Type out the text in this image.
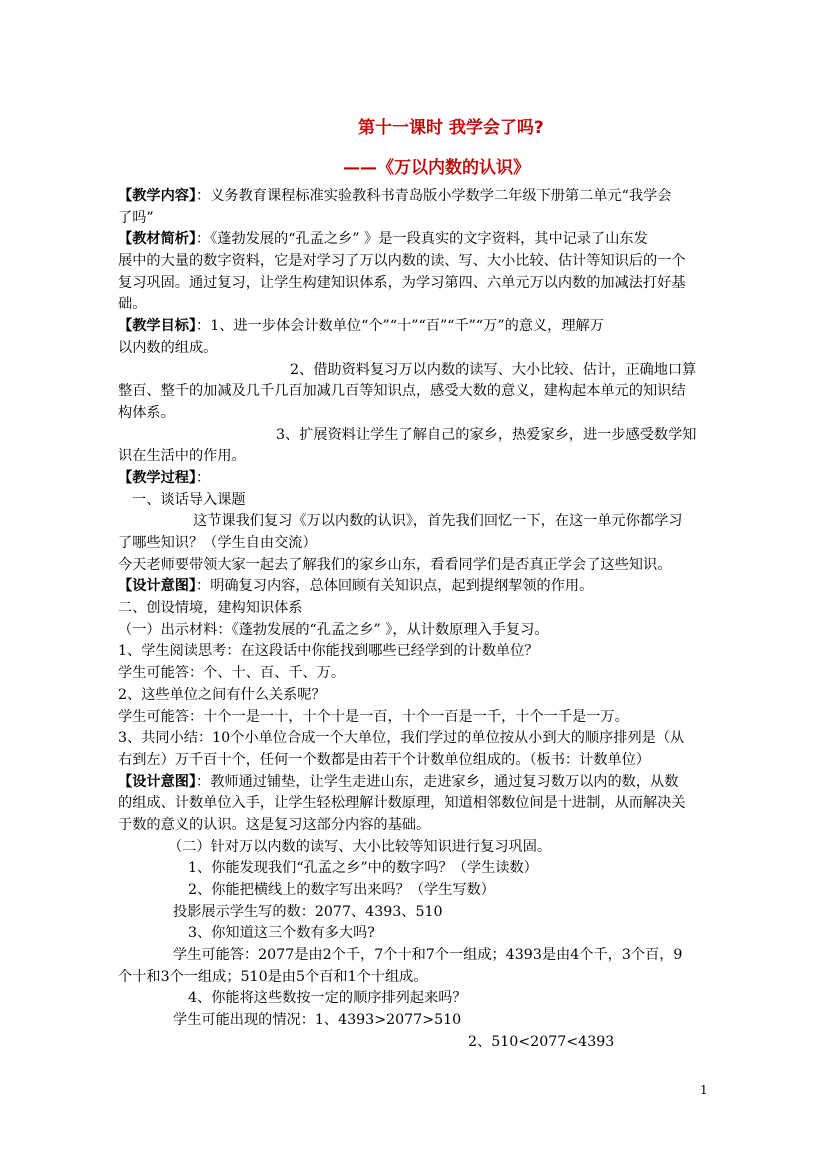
第十一课时 我学会了吗?
——《万以内数的认识》
【教学内容】：义务教育课程标准实验教科书青岛版小学数学二年级下册第二单元“我学会
了吗”
【教材简析】：《蓬勃发展的“孔孟之乡” 》是一段真实的文字资料，其中记录了山东发
展中的大量的数字资料，它是对学习了万以内数的读、写、大小比较、估计等知识后的一个
复习巩固。通过复习，让学生构建知识体系，为学习第四、六单元万以内数的加减法打好基
础。
【教学目标】：1、进一步体会计数单位“个”“十”“百”“千”“万”的意义，理解万
以内数的组成。
2、借助资料复习万以内数的读写、大小比较、估计，正确地口算
整百、整千的加减及几千几百加减几百等知识点，感受大数的意义，建构起本单元的知识结
构体系。
3、扩展资料让学生了解自己的家乡，热爱家乡，进一步感受数学知
识在生活中的作用。
【教学过程】：
一、谈话导入课题
这节课我们复习《万以内数的认识》，首先我们回忆一下，在这一单元你都学习
了哪些知识？（学生自由交流）
今天老师要带领大家一起去了解我们的家乡山东，看看同学们是否真正学会了这些知识。
【设计意图】：明确复习内容，总体回顾有关知识点，起到提纲挈领的作用。
二、创设情境，建构知识体系
（一）出示材料：《蓬勃发展的“孔孟之乡” 》，从计数原理入手复习。
1、学生阅读思考：在这段话中你能找到哪些已经学到的计数单位？
学生可能答：个、十、百、千、万。
2、这些单位之间有什么关系呢？
学生可能答：十个一是一十，十个十是一百，十个一百是一千，十个一千是一万。
3、共同小结：10个小单位合成一个大单位，我们学过的单位按从小到大的顺序排列是（从
右到左）万千百十个，任何一个数都是由若干个计数单位组成的。（板书：计数单位）
【设计意图】：教师通过铺垫，让学生走进山东，走进家乡，通过复习数万以内的数，从数
的组成、计数单位入手，让学生轻松理解计数原理，知道相邻数位间是十进制，从而解决关
于数的意义的认识。这是复习这部分内容的基础。
（二）针对万以内数的读写、大小比较等知识进行复习巩固。
1、你能发现我们“孔孟之乡”中的数字吗？（学生读数）
2、你能把横线上的数字写出来吗？（学生写数）
投影展示学生写的数：2077、4393、510
3、你知道这三个数有多大吗?
学生可能答：2077是由2个千，7个十和7个一组成；4393是由4个千，3个百，9
个十和3个一组成；510是由5个百和1个十组成。
4、你能将这些数按一定的顺序排列起来吗？
学生可能出现的情况：1、4393>2077>510
2、510<2077<4393
1
